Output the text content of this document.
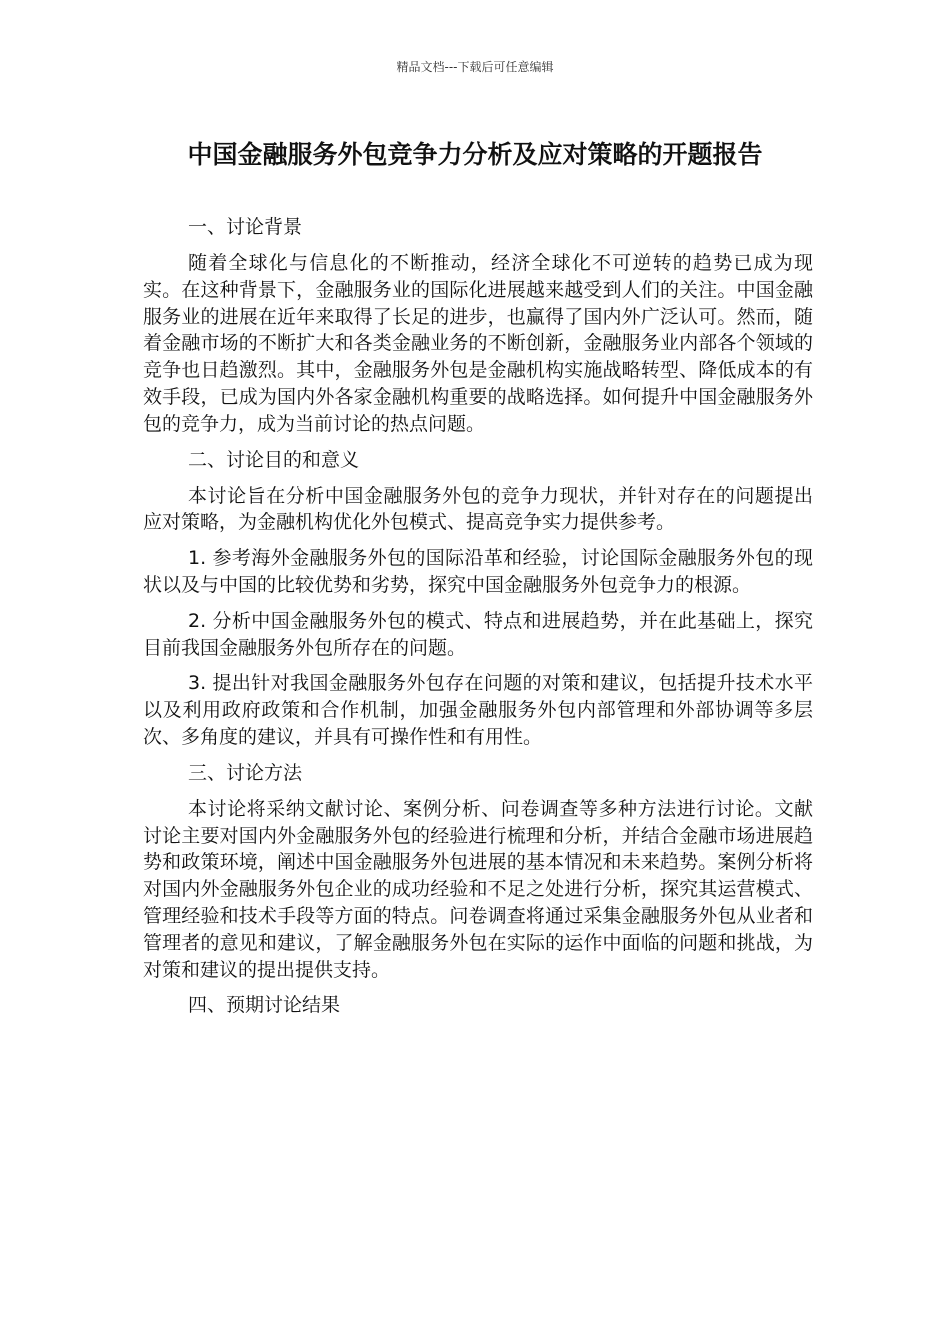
精品文档---下载后可任意编辑
中国金融服务外包竞争力分析及应对策略的开题报告

一、讨论背景

随着全球化与信息化的不断推动，经济全球化不可逆转的趋势已成为现实。在这种背景下，金融服务业的国际化进展越来越受到人们的关注。中国金融服务业的进展在近年来取得了长足的进步，也赢得了国内外广泛认可。然而，随着金融市场的不断扩大和各类金融业务的不断创新，金融服务业内部各个领域的竞争也日趋激烈。其中，金融服务外包是金融机构实施战略转型、降低成本的有效手段，已成为国内外各家金融机构重要的战略选择。如何提升中国金融服务外包的竞争力，成为当前讨论的热点问题。

二、讨论目的和意义

本讨论旨在分析中国金融服务外包的竞争力现状，并针对存在的问题提出应对策略，为金融机构优化外包模式、提高竞争实力提供参考。

1. 参考海外金融服务外包的国际沿革和经验，讨论国际金融服务外包的现状以及与中国的比较优势和劣势，探究中国金融服务外包竞争力的根源。

2. 分析中国金融服务外包的模式、特点和进展趋势，并在此基础上，探究目前我国金融服务外包所存在的问题。

3. 提出针对我国金融服务外包存在问题的对策和建议，包括提升技术水平以及利用政府政策和合作机制，加强金融服务外包内部管理和外部协调等多层次、多角度的建议，并具有可操作性和有用性。

三、讨论方法

本讨论将采纳文献讨论、案例分析、问卷调查等多种方法进行讨论。文献讨论主要对国内外金融服务外包的经验进行梳理和分析，并结合金融市场进展趋势和政策环境，阐述中国金融服务外包进展的基本情况和未来趋势。案例分析将对国内外金融服务外包企业的成功经验和不足之处进行分析，探究其运营模式、管理经验和技术手段等方面的特点。问卷调查将通过采集金融服务外包从业者和管理者的意见和建议，了解金融服务外包在实际的运作中面临的问题和挑战，为对策和建议的提出提供支持。

四、预期讨论结果
